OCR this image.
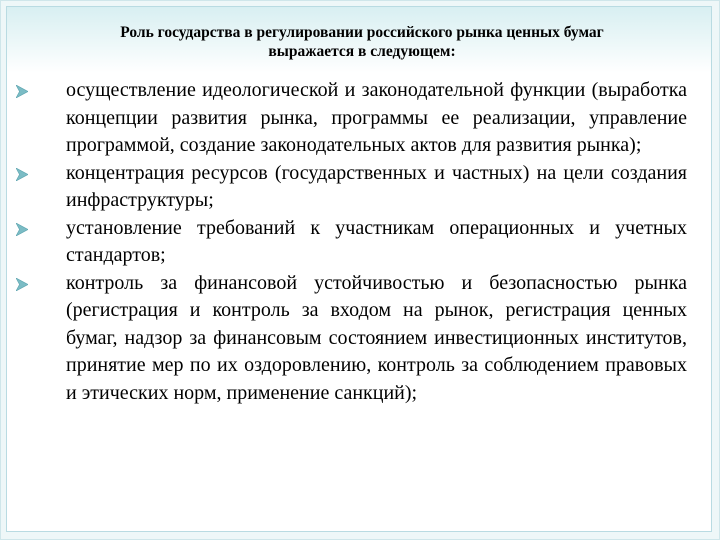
Роль государства в регулировании российского рынка ценных бумаг
выражается в следующем:
осуществление идеологической и законодательной функции (выработка концепции развития рынка, программы ее реализации, управление программой, создание законодательных актов для развития рынка);
концентрация ресурсов (государственных и частных) на цели создания инфраструктуры;
установление требований к участникам операционных и учетных стандартов;
контроль за финансовой устойчивостью и безопасностью рынка (регистрация и контроль за входом на рынок, регистрация ценных бумаг, надзор за финансовым состоянием инвестиционных институтов, принятие мер по их оздоровлению, контроль за соблюдением правовых и этических норм, применение санкций);
